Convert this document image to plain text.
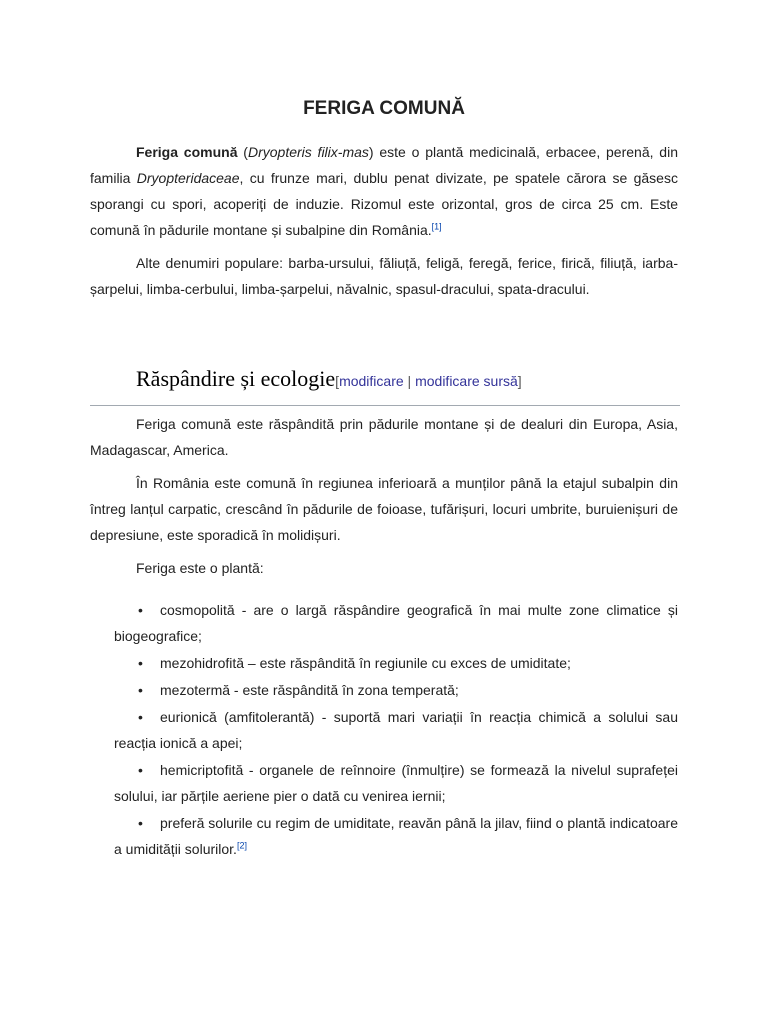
FERIGA COMUNĂ
Feriga comună (Dryopteris filix-mas) este o plantă medicinală, erbacee, perenă, din familia Dryopteridaceae, cu frunze mari, dublu penat divizate, pe spatele cărora se găsesc sporangi cu spori, acoperiți de induzie. Rizomul este orizontal, gros de circa 25 cm. Este comună în pădurile montane și subalpine din România.[1]
Alte denumiri populare: barba-ursului, făliuță, feligă, feregă, ferice, firică, filiuță, iarba-șarpelui, limba-cerbului, limba-șarpelui, năvalnic, spasul-dracului, spata-dracului.
Răspândire și ecologie[modificare | modificare sursă]
Feriga comună este răspândită prin pădurile montane și de dealuri din Europa, Asia, Madagascar, America.
În România este comună în regiunea inferioară a munților până la etajul subalpin din întreg lanțul carpatic, crescând în pădurile de foioase, tufărișuri, locuri umbrite, buruienișuri de depresiune, este sporadică în molidișuri.
Feriga este o plantă:
cosmopolită - are o largă răspândire geografică în mai multe zone climatice și biogeografice;
mezohidrofită – este răspândită în regiunile cu exces de umiditate;
mezotermă - este răspândită în zona temperată;
eurionică (amfitolerantă) - suportă mari variații în reacția chimică a solului sau reacția ionică a apei;
hemicriptofită - organele de reînnoire (înmulțire) se formează la nivelul suprafeței solului, iar părțile aeriene pier o dată cu venirea iernii;
preferă solurile cu regim de umiditate, reavăn până la jilav, fiind o plantă indicatoare a umidității solurilor.[2]
